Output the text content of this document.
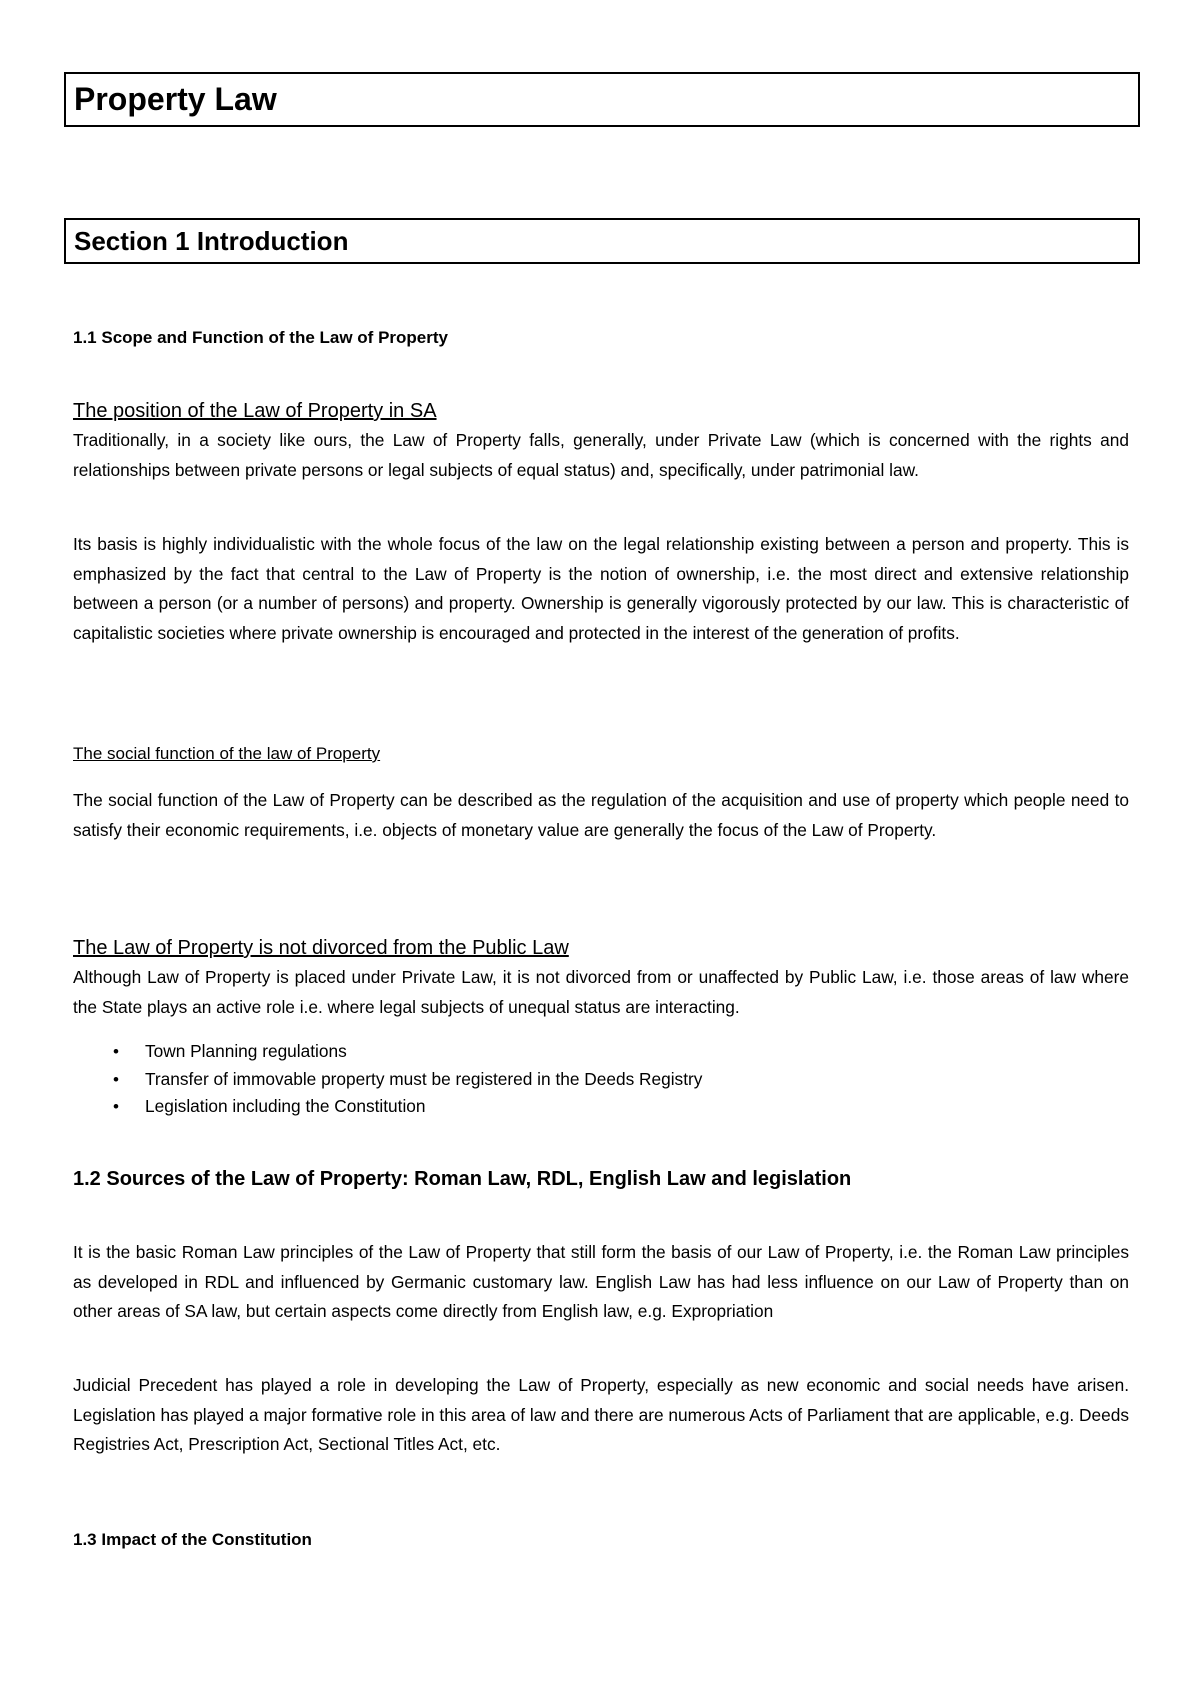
Property Law
Section 1 Introduction
1.1 Scope and Function of the Law of Property
The position of the Law of Property in SA

Traditionally, in a society like ours, the Law of Property falls, generally, under Private Law (which is concerned with the rights and relationships between private persons or legal subjects of equal status) and, specifically, under patrimonial law.

Its basis is highly individualistic with the whole focus of the law on the legal relationship existing between a person and property. This is emphasized by the fact that central to the Law of Property is the notion of ownership, i.e. the most direct and extensive relationship between a person (or a number of persons) and property. Ownership is generally vigorously protected by our law. This is characteristic of capitalistic societies where private ownership is encouraged and protected in the interest of the generation of profits.

The social function of the law of Property

The social function of the Law of Property can be described as the regulation of the acquisition and use of property which people need to satisfy their economic requirements, i.e. objects of monetary value are generally the focus of the Law of Property.

The Law of Property is not divorced from the Public Law

Although Law of Property is placed under Private Law, it is not divorced from or unaffected by Public Law, i.e. those areas of law where the State plays an active role i.e. where legal subjects of unequal status are interacting.

• Town Planning regulations
• Transfer of immovable property must be registered in the Deeds Registry
• Legislation including the Constitution
1.2 Sources of the Law of Property: Roman Law, RDL, English Law and legislation

It is the basic Roman Law principles of the Law of Property that still form the basis of our Law of Property, i.e. the Roman Law principles as developed in RDL and influenced by Germanic customary law. English Law has had less influence on our Law of Property than on other areas of SA law, but certain aspects come directly from English law, e.g. Expropriation

Judicial Precedent has played a role in developing the Law of Property, especially as new economic and social needs have arisen. Legislation has played a major formative role in this area of law and there are numerous Acts of Parliament that are applicable, e.g. Deeds Registries Act, Prescription Act, Sectional Titles Act, etc.

1.3 Impact of the Constitution
